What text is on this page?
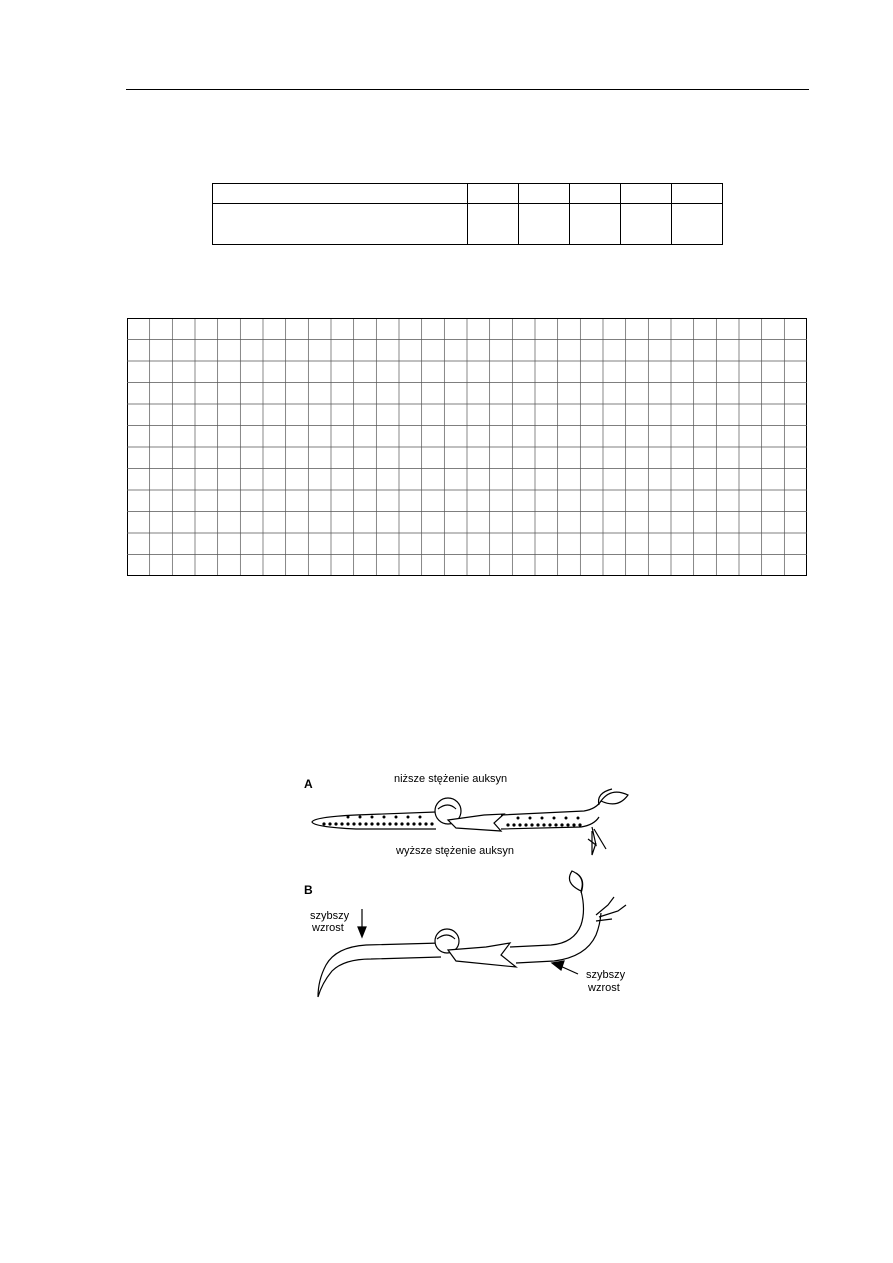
A	niższe stężenie auksyn
wyższe stężenie auksyn
B
szybszy
wzrost
szybszy
wzrost
